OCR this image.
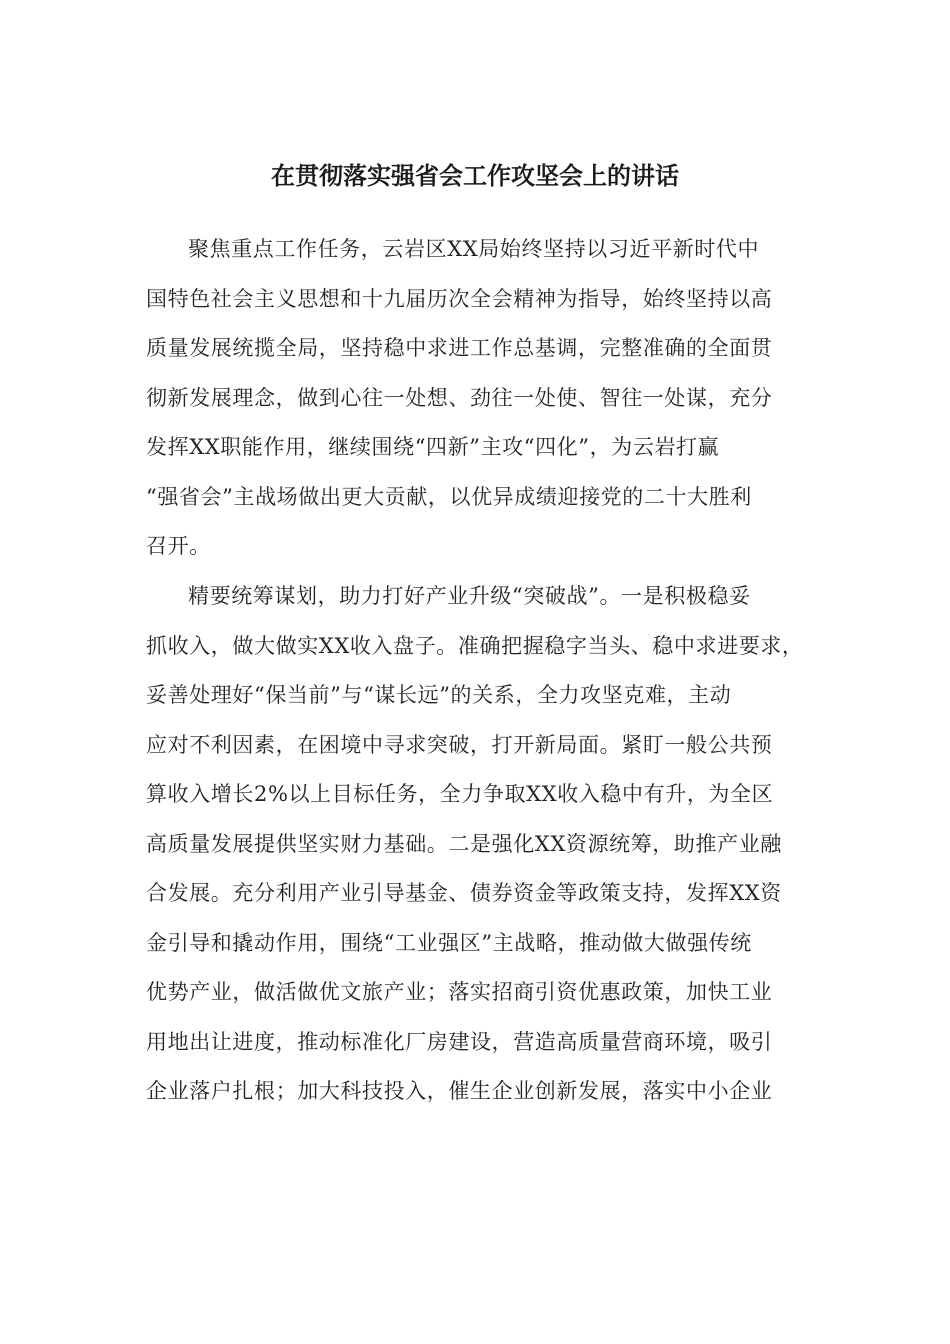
在贯彻落实强省会工作攻坚会上的讲话
聚焦重点工作任务，云岩区XX局始终坚持以习近平新时代中
国特色社会主义思想和十九届历次全会精神为指导，始终坚持以高
质量发展统揽全局，坚持稳中求进工作总基调，完整准确的全面贯
彻新发展理念，做到心往一处想、劲往一处使、智往一处谋，充分
发挥XX职能作用，继续围绕“四新”主攻“四化”，为云岩打赢
“强省会”主战场做出更大贡献，以优异成绩迎接党的二十大胜利
召开。
精要统筹谋划，助力打好产业升级“突破战”。一是积极稳妥
抓收入，做大做实XX收入盘子。准确把握稳字当头、稳中求进要求，
妥善处理好“保当前”与“谋长远”的关系，全力攻坚克难，主动
应对不利因素，在困境中寻求突破，打开新局面。紧盯一般公共预
算收入增长2%以上目标任务，全力争取XX收入稳中有升，为全区
高质量发展提供坚实财力基础。二是强化XX资源统筹，助推产业融
合发展。充分利用产业引导基金、债券资金等政策支持，发挥XX资
金引导和撬动作用，围绕“工业强区”主战略，推动做大做强传统
优势产业，做活做优文旅产业；落实招商引资优惠政策，加快工业
用地出让进度，推动标准化厂房建设，营造高质量营商环境，吸引
企业落户扎根；加大科技投入，催生企业创新发展，落实中小企业
